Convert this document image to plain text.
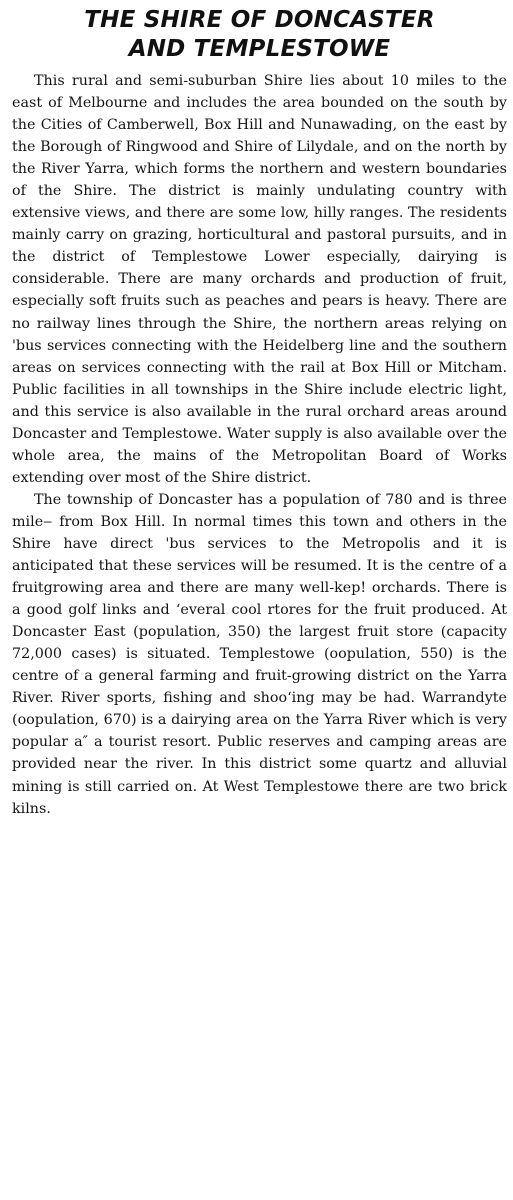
THE SHIRE OF DONCASTER
AND TEMPLESTOWE

This rural and semi-suburban Shire lies about 10 miles to the east of Melbourne and includes the area bounded on the south by the Cities of Camberwell, Box Hill and Nunawading, on the east by the Borough of Ringwood and Shire of Lilydale, and on the north by the River Yarra, which forms the northern and western boundaries of the Shire. The district is mainly undulating country with extensive views, and there are some low, hilly ranges. The residents mainly carry on grazing, horticultural and pastoral pursuits, and in the district of Templestowe Lower especially, dairying is considerable. There are many orchards and production of fruit, especially soft fruits such as peaches and pears is heavy. There are no railway lines through the Shire, the northern areas relying on 'bus services connecting with the Heidelberg line and the southern areas on services connecting with the rail at Box Hill or Mitcham. Public facilities in all townships in the Shire include electric light, and this service is also available in the rural orchard areas around Doncaster and Templestowe. Water supply is also available over the whole area, the mains of the Metropolitan Board of Works extending over most of the Shire district.

The township of Doncaster has a population of 780 and is three mile‒ from Box Hill. In normal times this town and others in the Shire have direct 'bus services to the Metropolis and it is anticipated that these services will be resumed. It is the centre of a fruitgrowing area and there are many well-kep! orchards. There is a good golf links and ‘everal cool rtores for the fruit produced. At Doncaster East (population, 350) the largest fruit store (capacity 72,000 cases) is situated. Templestowe (oopulation, 550) is the centre of a general farming and fruit-growing district on the Yarra River. River sports, fishing and shoo‘ing may be had. Warrandyte (oopulation, 670) is a dairying area on the Yarra River which is very popular a″ a tourist resort. Public reserves and camping areas are provided near the river. In this district some quartz and alluvial mining is still carried on. At West Templestowe there are two brick kilns.
